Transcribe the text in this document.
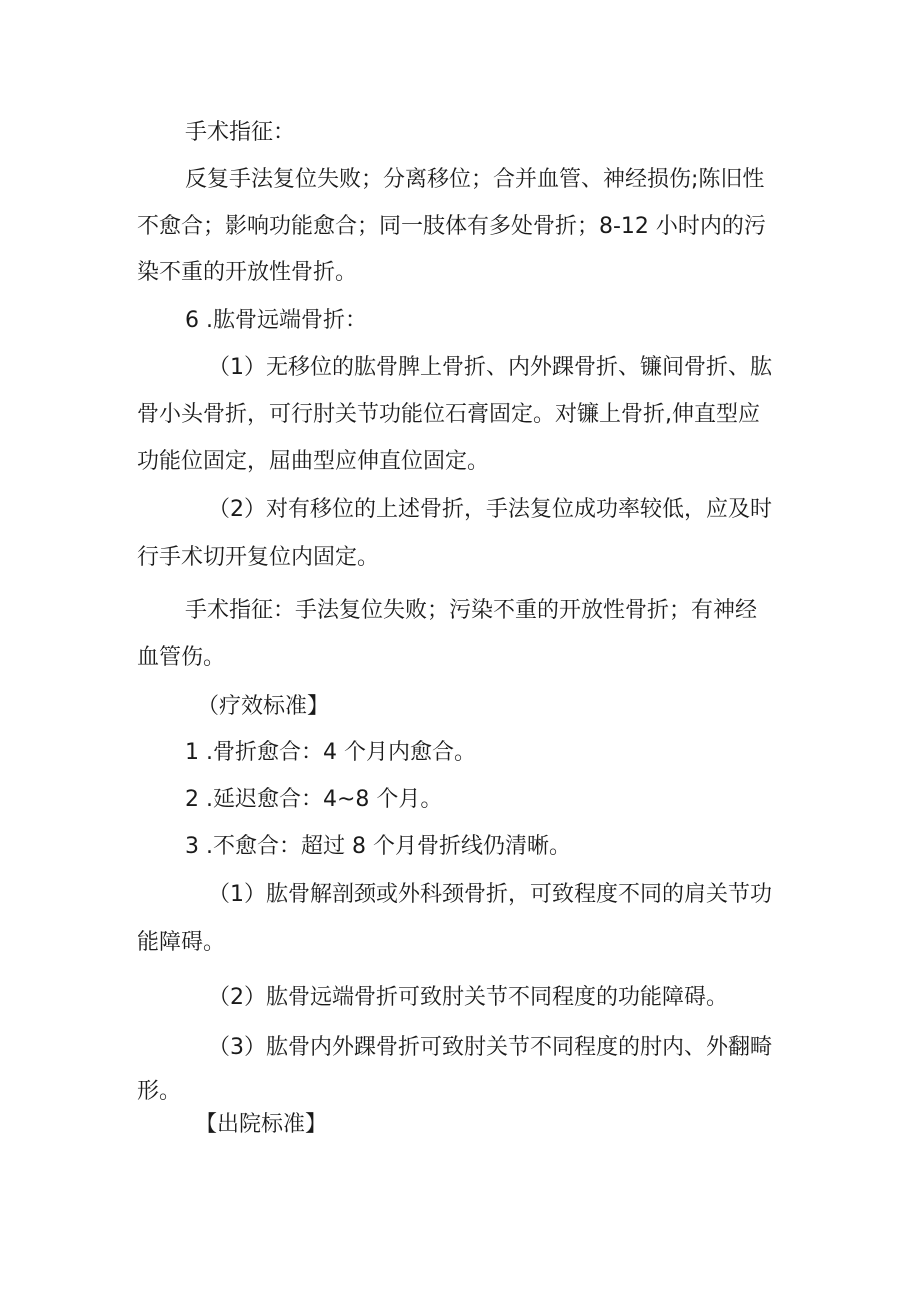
手术指征：

反复手法复位失败；分离移位；合并血管、神经损伤;陈旧性

不愈合；影响功能愈合；同一肢体有多处骨折；8-12 小时内的污

染不重的开放性骨折。

6 .肱骨远端骨折：

（1）无移位的肱骨脾上骨折、内外踝骨折、镰间骨折、肱

骨小头骨折，可行肘关节功能位石膏固定。对镰上骨折,伸直型应

功能位固定，屈曲型应伸直位固定。

（2）对有移位的上述骨折，手法复位成功率较低，应及时

行手术切开复位内固定。

手术指征：手法复位失败；污染不重的开放性骨折；有神经

血管伤。

（疗效标准】

1 .骨折愈合：4 个月内愈合。

2 .延迟愈合：4~8 个月。

3 .不愈合：超过 8 个月骨折线仍清晰。

（1）肱骨解剖颈或外科颈骨折，可致程度不同的肩关节功

能障碍。

（2）肱骨远端骨折可致肘关节不同程度的功能障碍。

（3）肱骨内外踝骨折可致肘关节不同程度的肘内、外翻畸

形。

【出院标准】
